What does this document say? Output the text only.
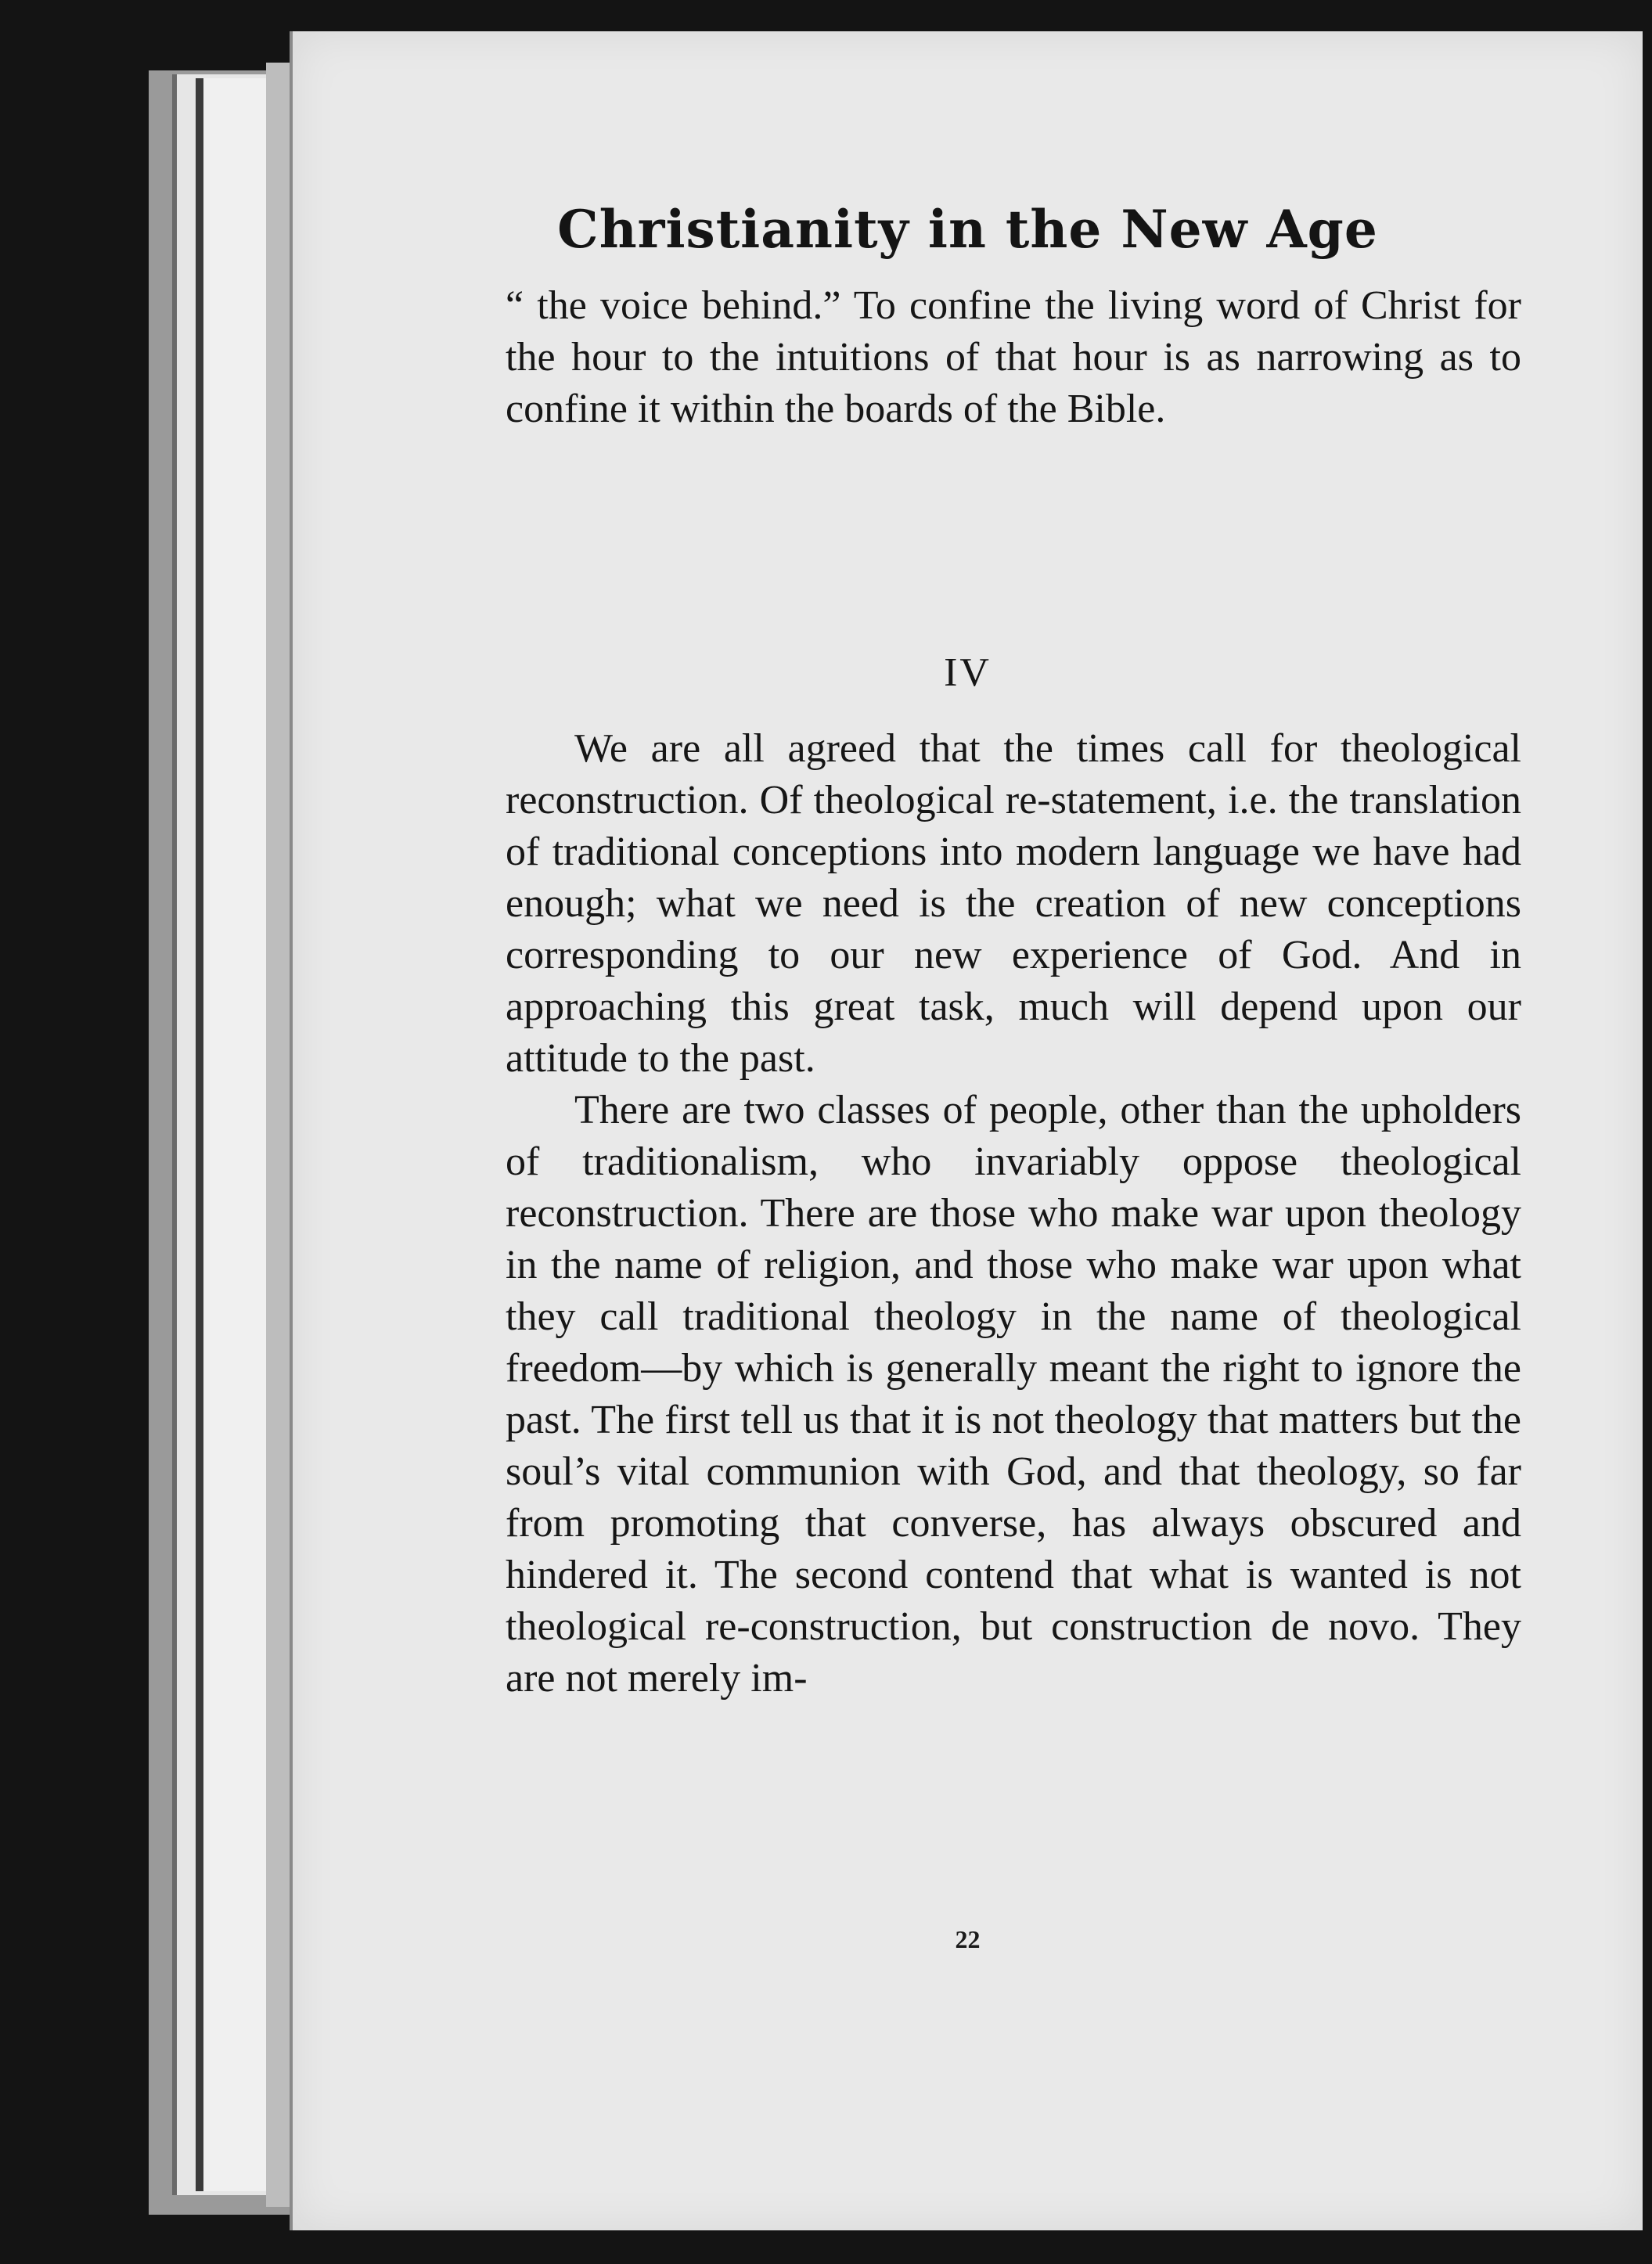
Christianity in the New Age

“ the voice behind.” To confine the living word of Christ for the hour to the intuitions of that hour is as narrowing as to confine it within the boards of the Bible.

IV

We are all agreed that the times call for theological reconstruction. Of theological re-statement, i.e. the translation of traditional conceptions into modern language we have had enough; what we need is the creation of new conceptions corresponding to our new experience of God. And in approaching this great task, much will depend upon our attitude to the past.

There are two classes of people, other than the upholders of traditionalism, who invariably oppose theological reconstruction. There are those who make war upon theology in the name of religion, and those who make war upon what they call traditional theology in the name of theological freedom—by which is generally meant the right to ignore the past. The first tell us that it is not theology that matters but the soul’s vital communion with God, and that theology, so far from promoting that converse, has always obscured and hindered it. The second contend that what is wanted is not theological re-construction, but construction de novo. They are not merely im-

22
